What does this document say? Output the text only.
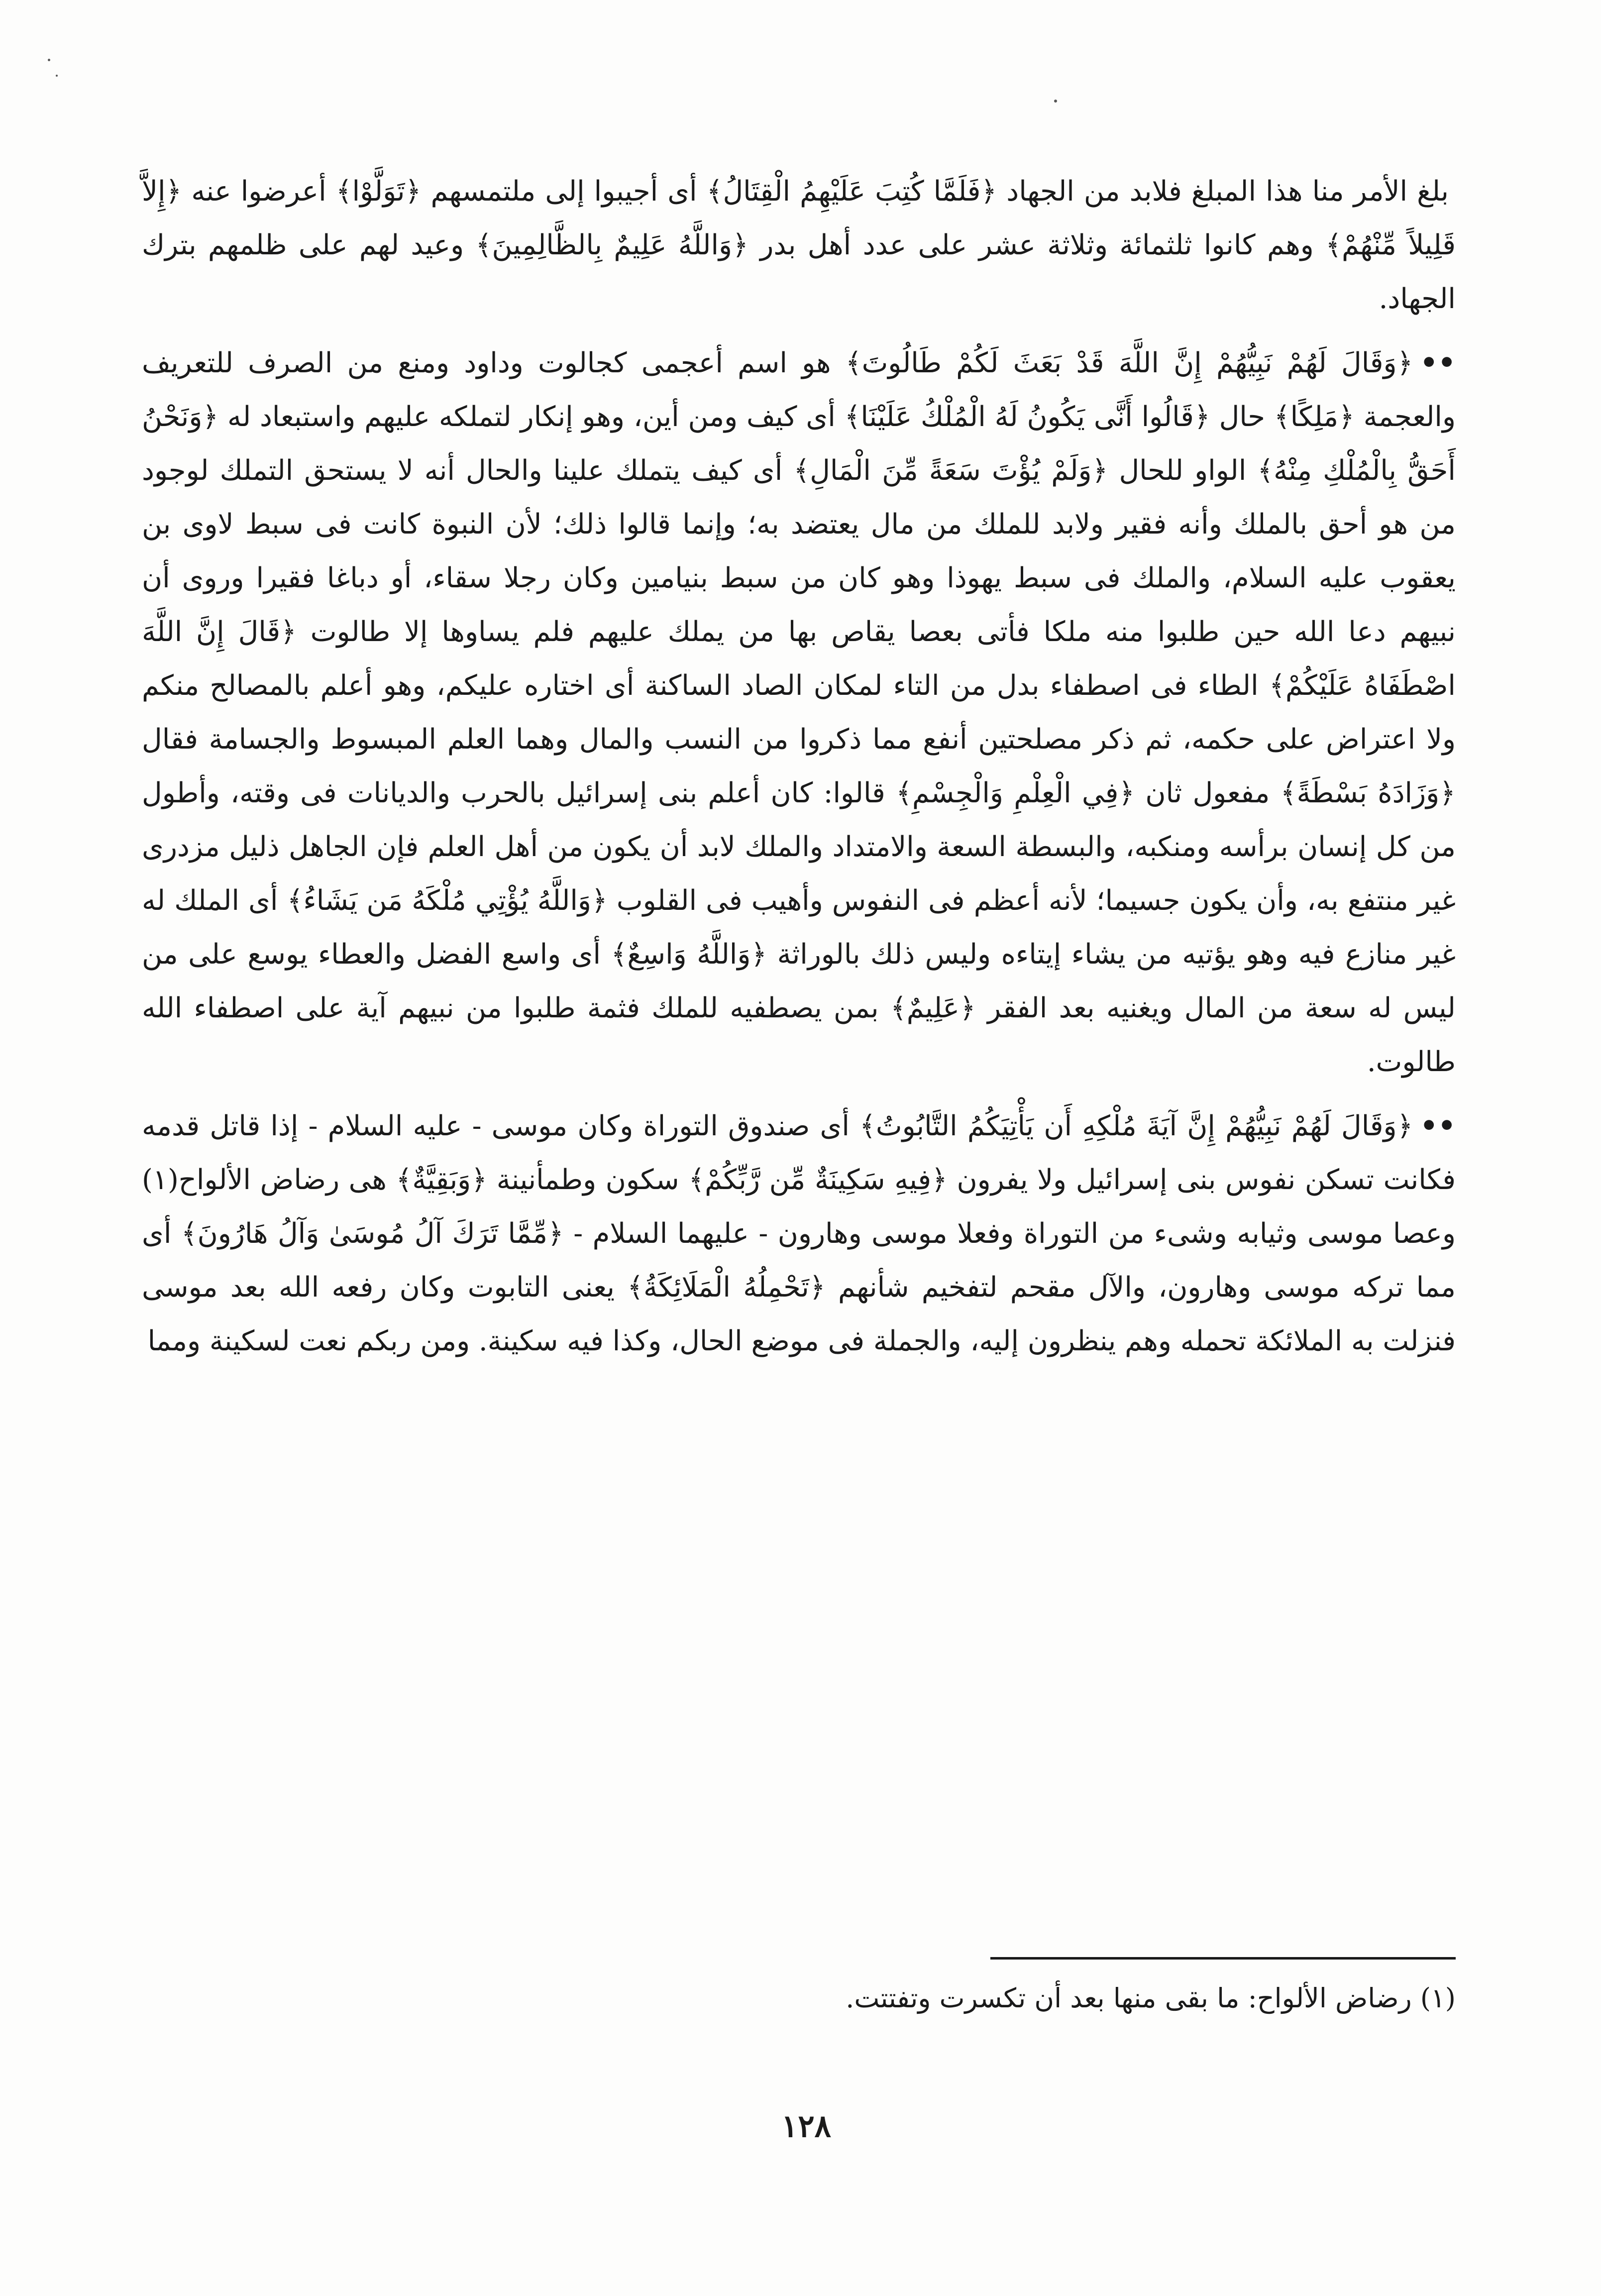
بلغ الأمر منا هذا المبلغ فلابد من الجهاد ﴿فَلَمَّا كُتِبَ عَلَيْهِمُ الْقِتَالُ﴾ أى أجيبوا إلى ملتمسهم ﴿تَوَلَّوْا﴾ أعرضوا عنه ﴿إِلاَّ قَلِيلاً مِّنْهُمْ﴾ وهم كانوا ثلثمائة وثلاثة عشر على عدد أهل بدر ﴿وَاللَّهُ عَلِيمٌ بِالظَّالِمِينَ﴾ وعيد لهم على ظلمهم بترك الجهاد.

••﴿وَقَالَ لَهُمْ نَبِيُّهُمْ إِنَّ اللَّهَ قَدْ بَعَثَ لَكُمْ طَالُوتَ﴾ هو اسم أعجمى كجالوت وداود ومنع من الصرف للتعريف والعجمة ﴿مَلِكًا﴾ حال ﴿قَالُوا أَنَّى يَكُونُ لَهُ الْمُلْكُ عَلَيْنَا﴾ أى كيف ومن أين، وهو إنكار لتملكه عليهم واستبعاد له ﴿وَنَحْنُ أَحَقُّ بِالْمُلْكِ مِنْهُ﴾ الواو للحال ﴿وَلَمْ يُؤْتَ سَعَةً مِّنَ الْمَالِ﴾ أى كيف يتملك علينا والحال أنه لا يستحق التملك لوجود من هو أحق بالملك وأنه فقير ولابد للملك من مال يعتضد به؛ وإنما قالوا ذلك؛ لأن النبوة كانت فى سبط لاوى بن يعقوب عليه السلام، والملك فى سبط يهوذا وهو كان من سبط بنيامين وكان رجلا سقاء، أو دباغا فقيرا وروى أن نبيهم دعا الله حين طلبوا منه ملكا فأتى بعصا يقاص بها من يملك عليهم فلم يساوها إلا طالوت ﴿قَالَ إِنَّ اللَّهَ اصْطَفَاهُ عَلَيْكُمْ﴾ الطاء فى اصطفاء بدل من التاء لمكان الصاد الساكنة أى اختاره عليكم، وهو أعلم بالمصالح منكم ولا اعتراض على حكمه، ثم ذكر مصلحتين أنفع مما ذكروا من النسب والمال وهما العلم المبسوط والجسامة فقال ﴿وَزَادَهُ بَسْطَةً﴾ مفعول ثان ﴿فِي الْعِلْمِ وَالْجِسْمِ﴾ قالوا: كان أعلم بنى إسرائيل بالحرب والديانات فى وقته، وأطول من كل إنسان برأسه ومنكبه، والبسطة السعة والامتداد والملك لابد أن يكون من أهل العلم فإن الجاهل ذليل مزدرى غير منتفع به، وأن يكون جسيما؛ لأنه أعظم فى النفوس وأهيب فى القلوب ﴿وَاللَّهُ يُؤْتِي مُلْكَهُ مَن يَشَاءُ﴾ أى الملك له غير منازع فيه وهو يؤتيه من يشاء إيتاءه وليس ذلك بالوراثة ﴿وَاللَّهُ وَاسِعٌ﴾ أى واسع الفضل والعطاء يوسع على من ليس له سعة من المال ويغنيه بعد الفقر ﴿عَلِيمٌ﴾ بمن يصطفيه للملك فثمة طلبوا من نبيهم آية على اصطفاء الله طالوت.

••﴿وَقَالَ لَهُمْ نَبِيُّهُمْ إِنَّ آيَةَ مُلْكِهِ أَن يَأْتِيَكُمُ التَّابُوتُ﴾ أى صندوق التوراة وكان موسى - عليه السلام - إذا قاتل قدمه فكانت تسكن نفوس بنى إسرائيل ولا يفرون ﴿فِيهِ سَكِينَةٌ مِّن رَّبِّكُمْ﴾ سكون وطمأنينة ﴿وَبَقِيَّةٌ﴾ هى رضاض الألواح(١) وعصا موسى وثيابه وشىء من التوراة وفعلا موسى وهارون - عليهما السلام - ﴿مِّمَّا تَرَكَ آلُ مُوسَىٰ وَآلُ هَارُونَ﴾ أى مما تركه موسى وهارون، والآل مقحم لتفخيم شأنهم ﴿تَحْمِلُهُ الْمَلَائِكَةُ﴾ يعنى التابوت وكان رفعه الله بعد موسى فنزلت به الملائكة تحمله وهم ينظرون إليه، والجملة فى موضع الحال، وكذا فيه سكينة. ومن ربكم نعت لسكينة ومما

(١) رضاض الألواح: ما بقى منها بعد أن تكسرت وتفتتت.
١٢٨
